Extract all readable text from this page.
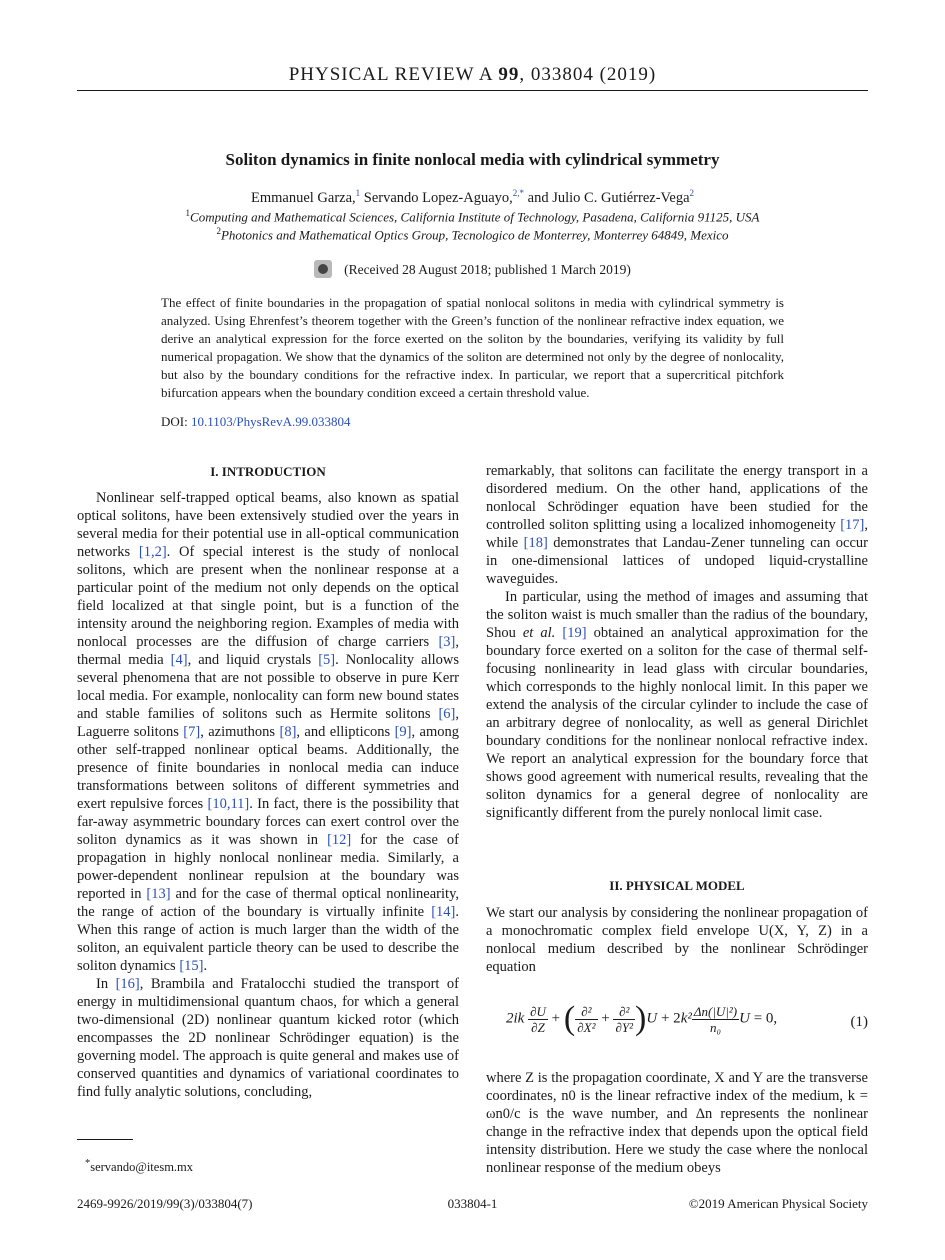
PHYSICAL REVIEW A 99, 033804 (2019)
Soliton dynamics in finite nonlocal media with cylindrical symmetry
Emmanuel Garza,$^1$ Servando Lopez-Aguayo,$^{2,*}$ and Julio C. Gutiérrez-Vega$^2$
$^1$Computing and Mathematical Sciences, California Institute of Technology, Pasadena, California 91125, USA
$^2$Photonics and Mathematical Optics Group, Tecnologico de Monterrey, Monterrey 64849, Mexico
(Received 28 August 2018; published 1 March 2019)
The effect of finite boundaries in the propagation of spatial nonlocal solitons in media with cylindrical symmetry is analyzed. Using Ehrenfest’s theorem together with the Green’s function of the nonlinear refractive index equation, we derive an analytical expression for the force exerted on the soliton by the boundaries, verifying its validity by full numerical propagation. We show that the dynamics of the soliton are determined not only by the degree of nonlocality, but also by the boundary conditions for the refractive index. In particular, we report that a supercritical pitchfork bifurcation appears when the boundary condition exceed a certain threshold value.
DOI: 10.1103/PhysRevA.99.033804
I. INTRODUCTION

Nonlinear self-trapped optical beams, also known as spatial optical solitons, have been extensively studied over the years in several media for their potential use in all-optical communication networks [1,2]. Of special interest is the study of nonlocal solitons, which are present when the nonlinear response at a particular point of the medium not only depends on the optical field localized at that single point, but is a function of the intensity around the neighboring region. Examples of media with nonlocal processes are the diffusion of charge carriers [3], thermal media [4], and liquid crystals [5]. Nonlocality allows several phenomena that are not possible to observe in pure Kerr local media. For example, nonlocality can form new bound states and stable families of solitons such as Hermite solitons [6], Laguerre solitons [7], azimuthons [8], and ellipticons [9], among other self-trapped nonlinear optical beams. Additionally, the presence of finite boundaries in nonlocal media can induce transformations between solitons of different symmetries and exert repulsive forces [10,11]. In fact, there is the possibility that far-away asymmetric boundary forces can exert control over the soliton dynamics as it was shown in [12] for the case of propagation in highly nonlocal nonlinear media. Similarly, a power-dependent nonlinear repulsion at the boundary was reported in [13] and for the case of thermal optical nonlinearity, the range of action of the boundary is virtually infinite [14]. When this range of action is much larger than the width of the soliton, an equivalent particle theory can be used to describe the soliton dynamics [15].

In [16], Brambila and Fratalocchi studied the transport of energy in multidimensional quantum chaos, for which a general two-dimensional (2D) nonlinear quantum kicked rotor (which encompasses the 2D nonlinear Schrödinger equation) is the governing model. The approach is quite general and makes use of conserved quantities and dynamics of variational coordinates to find fully analytic solutions, concluding,

remarkably, that solitons can facilitate the energy transport in a disordered medium. On the other hand, applications of the nonlocal Schrödinger equation have been studied for the controlled soliton splitting using a localized inhomogeneity [17], while [18] demonstrates that Landau-Zener tunneling can occur in one-dimensional lattices of undoped liquid-crystalline waveguides.

In particular, using the method of images and assuming that the soliton waist is much smaller than the radius of the boundary, Shou et al. [19] obtained an analytical approximation for the boundary force exerted on a soliton for the case of thermal self-focusing nonlinearity in lead glass with circular boundaries, which corresponds to the highly nonlocal limit. In this paper we extend the analysis of the circular cylinder to include the case of an arbitrary degree of nonlocality, as well as general Dirichlet boundary conditions for the nonlinear nonlocal refractive index. We report an analytical expression for the boundary force that shows good agreement with numerical results, revealing that the soliton dynamics for a general degree of nonlocality are significantly different from the purely nonlocal limit case.

II. PHYSICAL MODEL
We start our analysis by considering the nonlinear propagation of a monochromatic complex field envelope U(X, Y, Z) in a nonlocal medium described by the nonlinear Schrödinger equation
$2ik \frac{\partial U}{\partial Z}$ + ( $\frac{\text{∂²}}{\text{∂X²}} + \frac{\text{∂²}}{\text{∂Y²}} )U + 2k^2 \frac{\text{Δn(|U|²)}}{\text{n₀}}$ U = 0,	(1)
where Z is the propagation coordinate, X and Y are the transverse coordinates, n0 is the linear refractive index of the medium, k = ωn0/c is the wave number, and Δn represents the nonlinear change in the refractive index that depends upon the optical field intensity distribution. Here we study the case where the nonlocal nonlinear response of the medium obeys
*servando@itesm.mx
2469-9926/2019/99(3)/033804(7)	033804-1	©2019 American Physical Society
